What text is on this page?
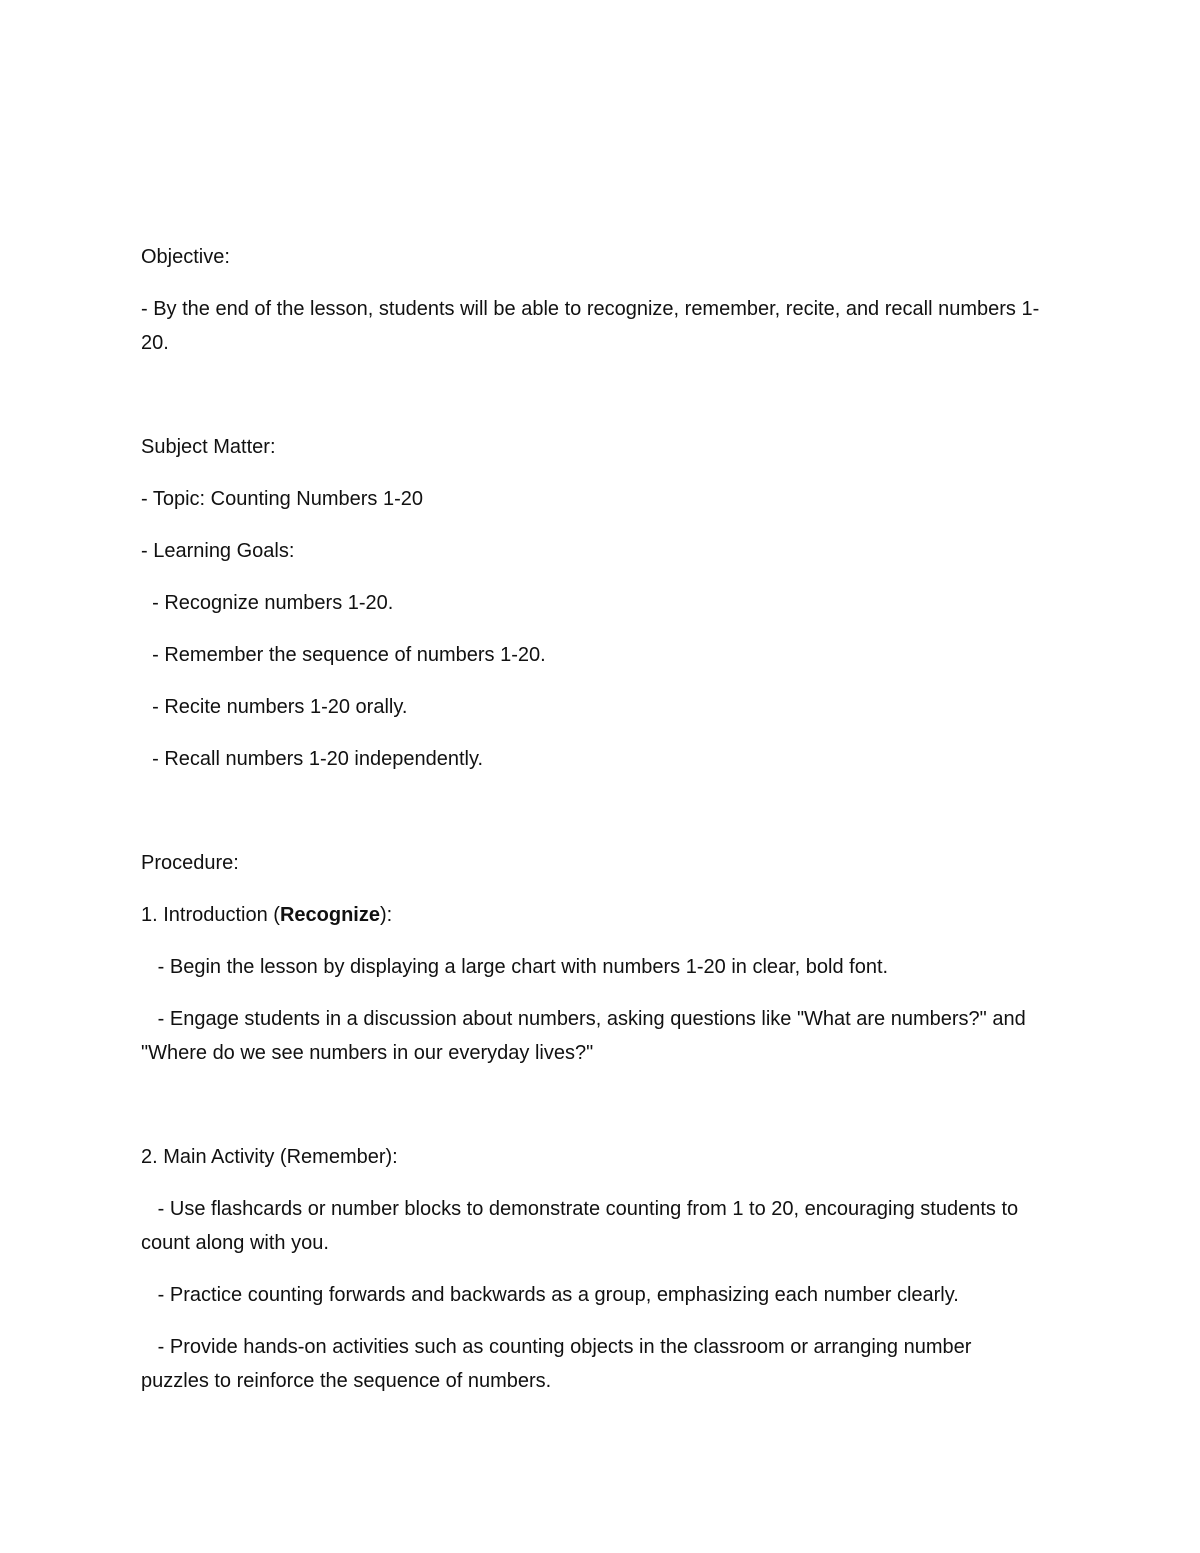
Objective:

- By the end of the lesson, students will be able to recognize, remember, recite, and recall numbers 1-20.

Subject Matter:

- Topic: Counting Numbers 1-20

- Learning Goals:

- Recognize numbers 1-20.

- Remember the sequence of numbers 1-20.

- Recite numbers 1-20 orally.

- Recall numbers 1-20 independently.

Procedure:

1. Introduction (Recognize):

- Begin the lesson by displaying a large chart with numbers 1-20 in clear, bold font.

- Engage students in a discussion about numbers, asking questions like "What are numbers?" and "Where do we see numbers in our everyday lives?"

2. Main Activity (Remember):

- Use flashcards or number blocks to demonstrate counting from 1 to 20, encouraging students to count along with you.

- Practice counting forwards and backwards as a group, emphasizing each number clearly.

- Provide hands-on activities such as counting objects in the classroom or arranging number puzzles to reinforce the sequence of numbers.
